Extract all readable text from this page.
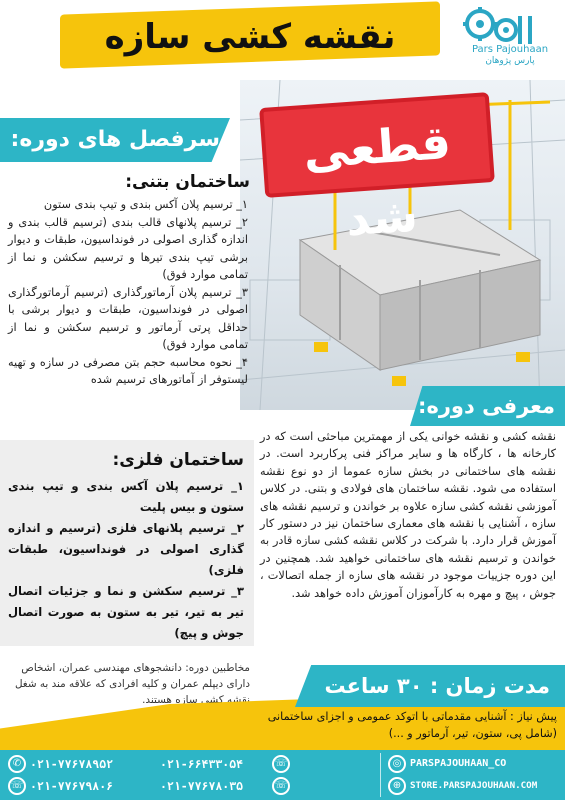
نقشه کشی سازه	Pars Pajouhaan
پارس پژوهان
قطعی شد
سرفصل های دوره:
ساختمان بتنی:
۱_ ترسیم پلان آکس بندی و تیپ بندی ستون
۲_ ترسیم پلانهای قالب بندی (ترسیم قالب بندی و اندازه گذاری اصولی در فونداسیون، طبقات و دیوار برشی تیپ بندی تیرها و ترسیم سکشن و نما از تمامی موارد فوق)
۳_ ترسیم پلان آرماتورگذاری (ترسیم آرماتورگذاری اصولی در فونداسیون، طبقات و دیوار برشی با حداقل پرتی آرماتور و ترسیم سکشن و نما از تمامی موارد فوق)
۴_ نحوه محاسبه حجم بتن مصرفی در سازه و تهیه لیستوفر از آماتورهای ترسیم شده
معرفی دوره:
نقشه کشی و نقشه خوانی یکی از مهمترین مباحثی است که در کارخانه ها ، کارگاه ها و سایر مراکز فنی پرکاربرد است. در نقشه های ساختمانی در بخش سازه عموما از دو نوع نقشه استفاده می شود. نقشه ساختمان های فولادی و بتنی. در کلاس آموزشی نقشه کشی سازه علاوه بر خواندن و ترسیم نقشه های سازه ، آشنایی با نقشه های معماری ساختمان نیز در دستور کار آموزش قرار دارد. با شرکت در کلاس نقشه کشی سازه قادر به خواندن و ترسیم نقشه های ساختمانی خواهید شد. همچنین در این دوره جزییات موجود در نقشه های سازه از جمله اتصالات ، جوش ، پیچ و مهره به کارآموزان آموزش داده خواهد شد.
ساختمان فلزی:
۱_ ترسیم پلان آکس بندی و تیپ بندی ستون و بیس پلیت
۲_ ترسیم پلانهای فلزی (ترسیم و اندازه گذاری اصولی در فونداسیون، طبقات فلزی)
۳_ ترسیم سکشن و نما و جزئیات اتصال تیر به تیر، تیر به ستون به صورت اتصال جوش و پیچ)
مخاطبین دوره: دانشجوهای مهندسی عمران، اشخاص دارای دیپلم عمران و کلیه افرادی که علاقه مند به شغل نقشه کشی سازه هستند.
مدت زمان : ۳۰ ساعت
پیش نیاز : آشنایی مقدماتی با اتوکد عمومی و اجزای ساختمانی (شامل پی، ستون، تیر، آرماتور و ...)
✆ ۰۲۱-۷۷۶۷۸۹۵۲
☏ ۰۲۱-۷۷۶۷۹۸۰۶
۰۲۱-۶۶۴۳۳۰۵۴
۰۲۱-۷۷۶۷۸۰۳۵
☏
☏
◎ PARSPAJOUHAAN_CO
⊕ STORE.PARSPAJOUHAAN.COM
